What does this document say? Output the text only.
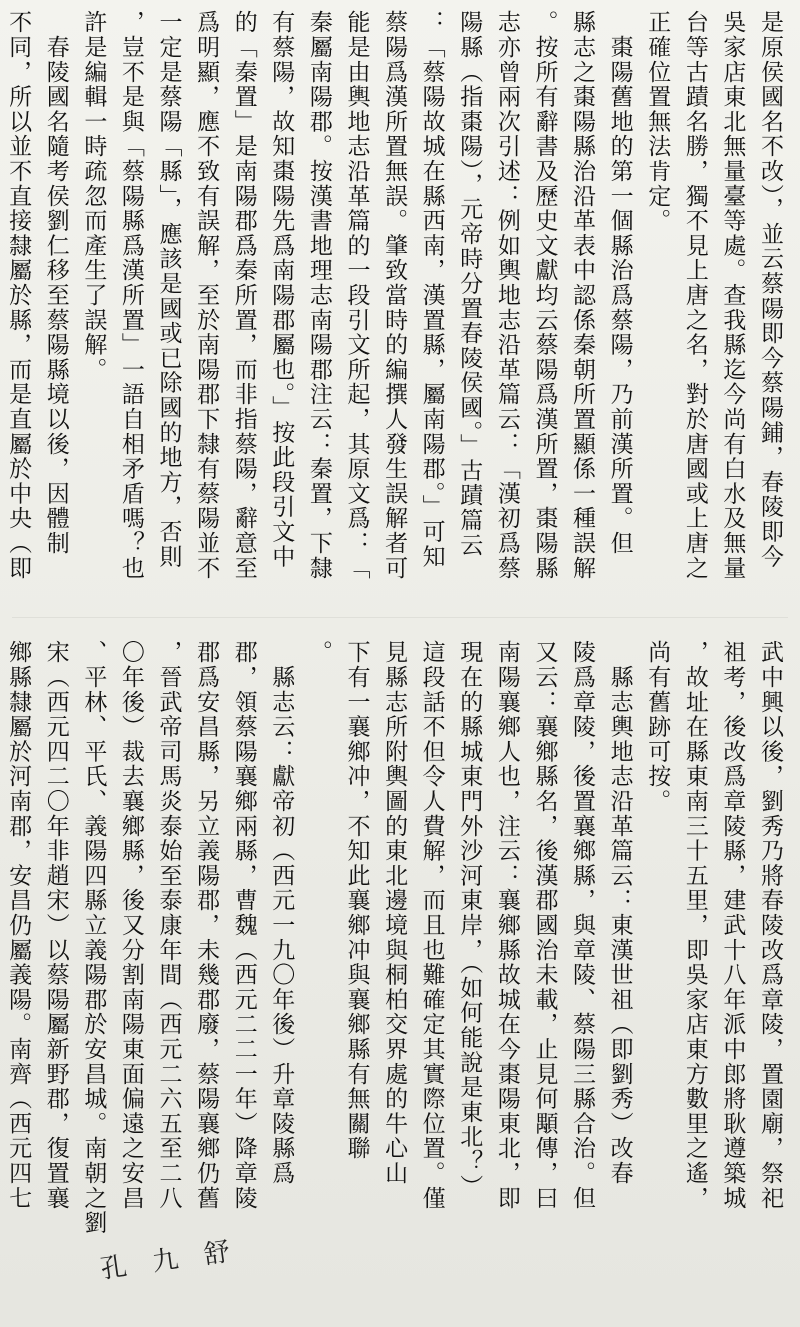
是原侯國名不改），並云蔡陽即今蔡陽鋪，春陵即今
吳家店東北無量臺等處。查我縣迄今尚有白水及無量
台等古蹟名勝，獨不見上唐之名，對於唐國或上唐之
正確位置無法肯定。
　棗陽舊地的第一個縣治爲蔡陽，乃前漢所置。但
縣志之棗陽縣治沿革表中認係秦朝所置顯係一種誤解
。按所有辭書及歷史文獻均云蔡陽爲漢所置，棗陽縣
志亦曾兩次引述：例如輿地志沿革篇云：「漢初爲蔡
陽縣（指棗陽），元帝時分置春陵侯國。」古蹟篇云
：「蔡陽故城在縣西南，漢置縣，屬南陽郡。」可知
蔡陽爲漢所置無誤。肇致當時的編撰人發生誤解者可
能是由輿地志沿革篇的一段引文所起，其原文爲：「
秦屬南陽郡。按漢書地理志南陽郡注云：秦置，下隸
有蔡陽，故知棗陽先爲南陽郡屬也。」按此段引文中
的「秦置」是南陽郡爲秦所置，而非指蔡陽，辭意至
爲明顯，應不致有誤解，至於南陽郡下隸有蔡陽並不
一定是蔡陽「縣」，應該是國或已除國的地方，否則
，豈不是與「蔡陽縣爲漢所置」一語自相矛盾嗎？也
許是編輯一時疏忽而產生了誤解。
　春陵國名隨考侯劉仁移至蔡陽縣境以後，因體制
不同，所以並不直接隸屬於縣，而是直屬於中央（即
武中興以後，劉秀乃將春陵改爲章陵，置園廟，祭祀
祖考，後改爲章陵縣，建武十八年派中郎將耿遵築城
，故址在縣東南三十五里，即吳家店東方數里之遙，
尚有舊跡可按。
　縣志輿地志沿革篇云：東漢世祖（即劉秀）改春
陵爲章陵，後置襄鄉縣，與章陵、蔡陽三縣合治。但
又云：襄鄉縣名，後漢郡國治未載，止見何顒傳，曰
南陽襄鄉人也，注云：襄鄉縣故城在今棗陽東北，即
現在的縣城東門外沙河東岸，（如何能說是東北？）
這段話不但令人費解，而且也難確定其實際位置。僅
見縣志所附輿圖的東北邊境與桐柏交界處的牛心山
下有一襄鄉冲，不知此襄鄉冲與襄鄉縣有無關聯
。
　縣志云：獻帝初（西元一九〇年後）升章陵縣爲
郡，領蔡陽襄鄉兩縣，曹魏（西元二二一年）降章陵
郡爲安昌縣，另立義陽郡，未幾郡廢，蔡陽襄鄉仍舊
，晉武帝司馬炎泰始至泰康年間（西元二六五至二八
〇年後）裁去襄鄉縣，後又分割南陽東面偏遠之安昌
、平林、平氏、義陽四縣立義陽郡於安昌城。南朝之劉
宋（西元四二〇年非趙宋）以蔡陽屬新野郡，復置襄
鄉縣隸屬於河南郡，安昌仍屬義陽。南齊（西元四七
孔　九　舒
